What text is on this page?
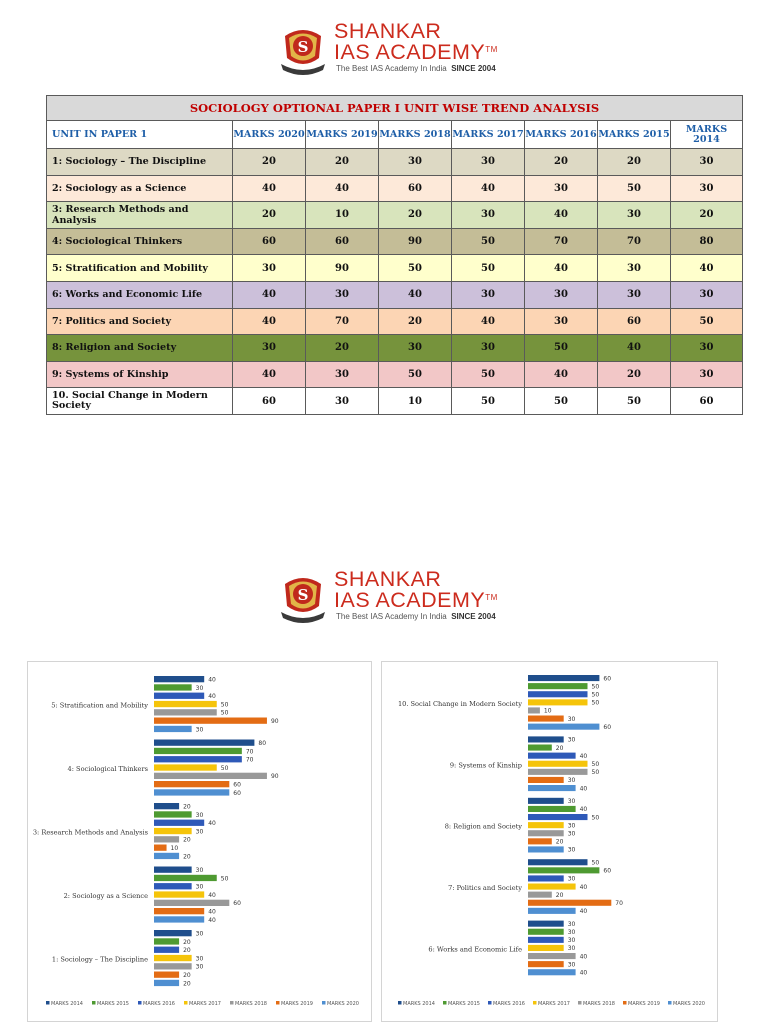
S
SHANKAR
IAS ACADEMY™
The Best IAS Academy In India SINCE 2004
SOCIOLOGY OPTIONAL PAPER I UNIT WISE TREND ANALYSIS							
UNIT IN PAPER 1	MARKS 2020	MARKS 2019	MARKS 2018	MARKS 2017	MARKS 2016	MARKS 2015	MARKS 2014
1: Sociology – The Discipline	20	20	30	30	20	20	30
2: Sociology as a Science	40	40	60	40	30	50	30
3: Research Methods and Analysis	20	10	20	30	40	30	20
4: Sociological Thinkers	60	60	90	50	70	70	80
5: Stratification and Mobility	30	90	50	50	40	30	40
6: Works and Economic Life	40	30	40	30	30	30	30
7: Politics and Society	40	70	20	40	30	60	50
8: Religion and Society	30	20	30	30	50	40	30
9: Systems of Kinship	40	30	50	50	40	20	30
10. Social Change in Modern Society	60	30	10	50	50	50	60
S
SHANKAR
IAS ACADEMY™
The Best IAS Academy In India SINCE 2004
5: Stratification and Mobility
40
30
40
50
50
90
30
4: Sociological Thinkers
80
70
70
50
90
60
60
3: Research Methods and Analysis
20
30
40
30
20
10
20
2: Sociology as a Science
30
50
30
40
60
40
40
1: Sociology – The Discipline
30
20
20
30
30
20
20
MARKS 2014	MARKS 2015	MARKS 2016	MARKS 2017	MARKS 2018	MARKS 2019	MARKS 2020
10. Social Change in Modern Society
60
50
50
50
10
30
60
9: Systems of Kinship
30
20
40
50
50
30
40
8: Religion and Society
30
40
50
30
30
20
30
7: Politics and Society
50
60
30
40
20
70
40
6: Works and Economic Life
30
30
30
30
40
30
40
MARKS 2014	MARKS 2015	MARKS 2016	MARKS 2017	MARKS 2018	MARKS 2019	MARKS 2020
